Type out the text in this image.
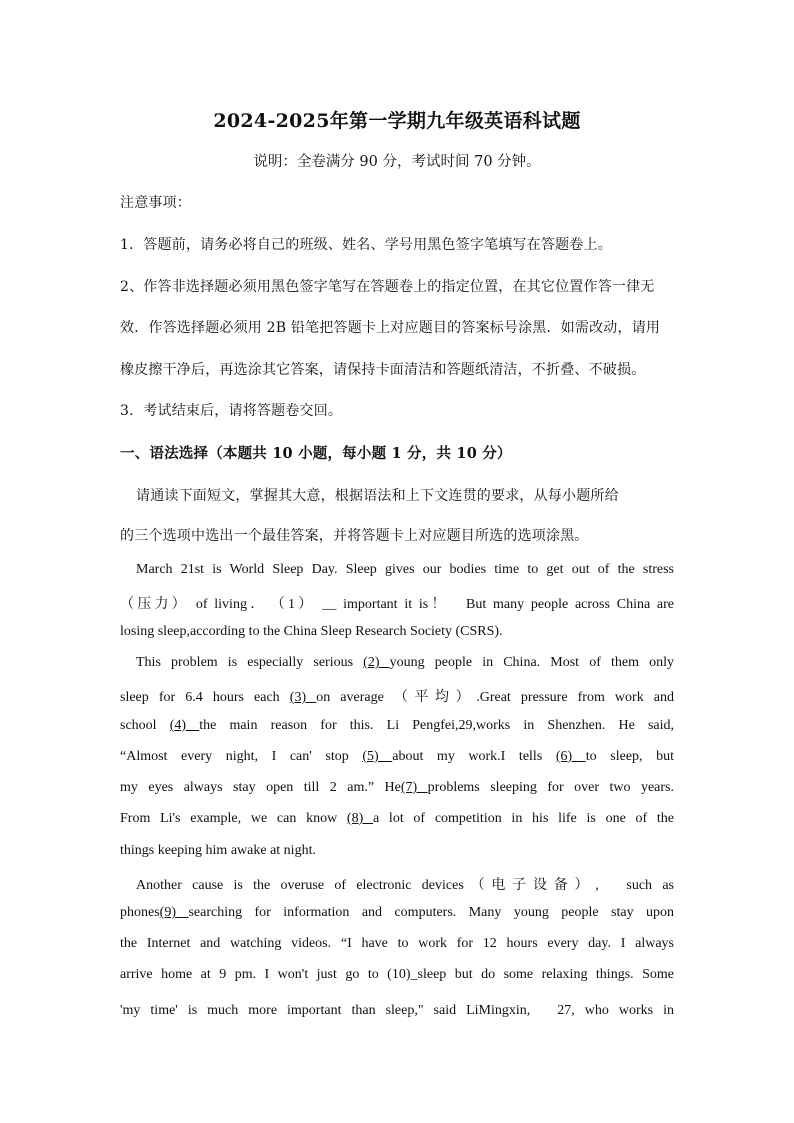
2024-2025年第一学期九年级英语科试题
说明：全卷满分 90 分，考试时间 70 分钟。
注意事项：
1．答题前，请务必将自己的班级、姓名、学号用黑色签字笔填写在答题卷上。
2、作答非选择题必须用黑色签字笔写在答题卷上的指定位置，在其它位置作答一律无
效．作答选择题必须用 2B 铅笔把答题卡上对应题目的答案标号涂黑．如需改动，请用
橡皮擦干净后，再选涂其它答案，请保持卡面清洁和答题纸清洁，不折叠、不破损。
3．考试结束后，请将答题卷交回。
一、语法选择（本题共 10 小题，每小题 1 分，共 10 分）
请通读下面短文，掌握其大意，根据语法和上下文连贯的要求，从每小题所给
的三个选项中选出一个最佳答案，并将答题卡上对应题目所选的选项涂黑。
March 21st is World Sleep Day. Sleep gives our bodies time to get out of the stress
（压力） of living．　（1） __ important it is！　But many people across China are
losing sleep,according to the China Sleep Research Society (CSRS).
This problem is especially serious (2) young people in China. Most of them only
sleep for 6.4 hours each (3) on average （平均）.Great pressure from work and
school (4) the main reason for this. Li Pengfei,29,works in Shenzhen. He said,
“Almost every night, I can' stop (5) about my work.I tells (6) to sleep, but
my eyes always stay open till 2 am.” He(7) problems sleeping for over two years.
From Li's example, we can know (8) a lot of competition in his life is one of the
things keeping him awake at night.
Another cause is the overuse of electronic devices（电子设备）,　such as
phones(9) searching for information and computers. Many young people stay upon
the Internet and watching videos. “I have to work for 12 hours every day. I always
arrive home at 9 pm. I won't just go to (10)_sleep but do some relaxing things. Some
'my time' is much more important than sleep," said LiMingxin,　27, who works in
